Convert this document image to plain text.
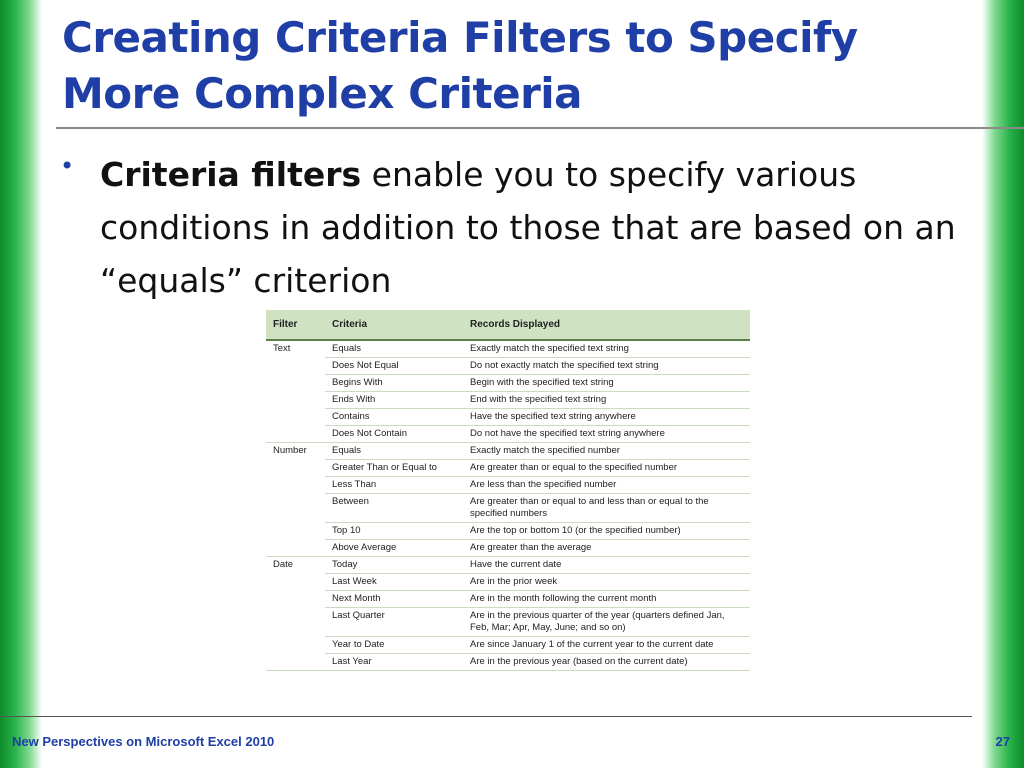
Creating Criteria Filters to Specify
More Complex Criteria
• Criteria filters enable you to specify various conditions in addition to those that are based on an “equals” criterion
Filter	Criteria	Records Displayed
Text	Equals	Exactly match the specified text string
	Does Not Equal	Do not exactly match the specified text string
	Begins With	Begin with the specified text string
	Ends With	End with the specified text string
	Contains	Have the specified text string anywhere
	Does Not Contain	Do not have the specified text string anywhere
Number	Equals	Exactly match the specified number
	Greater Than or Equal to	Are greater than or equal to the specified number
	Less Than	Are less than the specified number
	Between	Are greater than or equal to and less than or equal to the specified numbers
	Top 10	Are the top or bottom 10 (or the specified number)
	Above Average	Are greater than the average
Date	Today	Have the current date
	Last Week	Are in the prior week
	Next Month	Are in the month following the current month
	Last Quarter	Are in the previous quarter of the year (quarters defined Jan, Feb, Mar; Apr, May, June; and so on)
	Year to Date	Are since January 1 of the current year to the current date
	Last Year	Are in the previous year (based on the current date)
New Perspectives on Microsoft Excel 2010	27
